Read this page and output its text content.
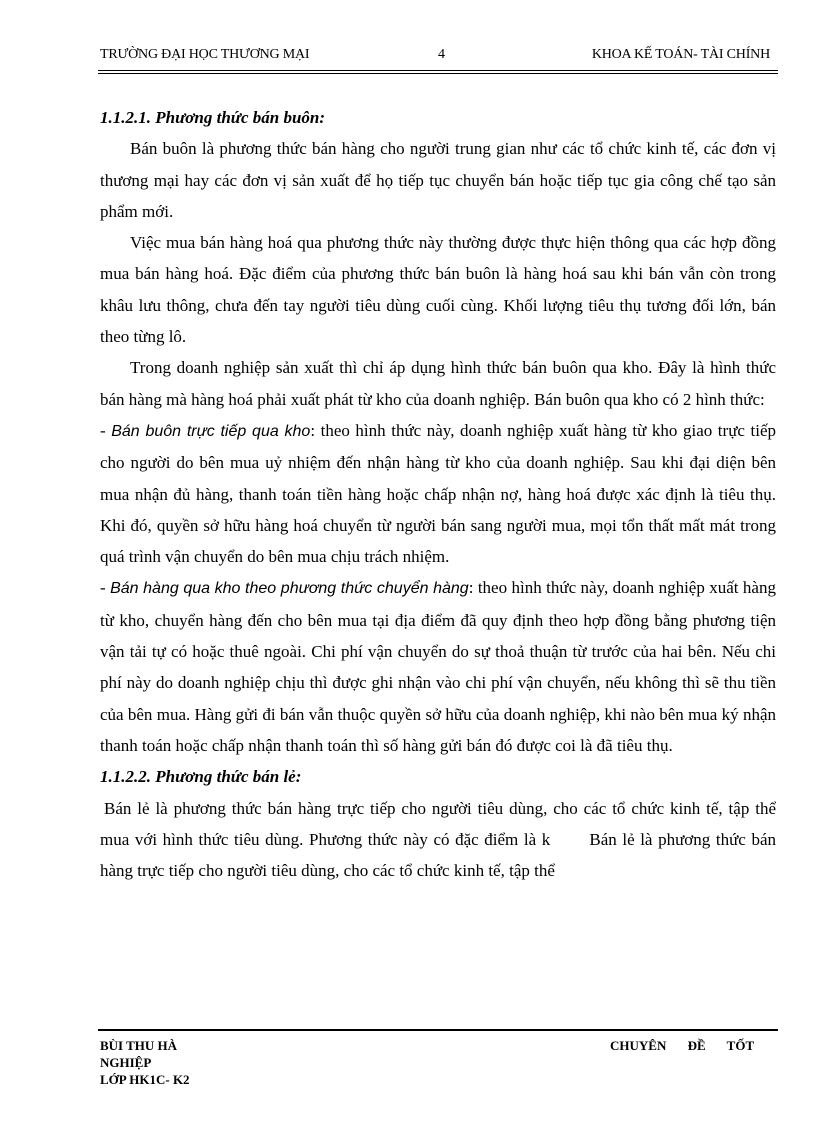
TRƯỜNG ĐẠI HỌC THƯƠNG MẠI	4	KHOA KẾ TOÁN- TÀI CHÍNH

1.1.2.1. Phương thức bán buôn:

Bán buôn là phương thức bán hàng cho người trung gian như các tổ chức kinh tế, các đơn vị thương mại hay các đơn vị sản xuất để họ tiếp tục chuyển bán hoặc tiếp tục gia công chế tạo sản phẩm mới.

Việc mua bán hàng hoá qua phương thức này thường được thực hiện thông qua các hợp đồng mua bán hàng hoá. Đặc điểm của phương thức bán buôn là hàng hoá sau khi bán vẫn còn trong khâu lưu thông, chưa đến tay người tiêu dùng cuối cùng. Khối lượng tiêu thụ tương đối lớn, bán theo từng lô.

Trong doanh nghiệp sản xuất thì chỉ áp dụng hình thức bán buôn qua kho. Đây là hình thức bán hàng mà hàng hoá phải xuất phát từ kho của doanh nghiệp. Bán buôn qua kho có 2 hình thức:

- Bán buôn trực tiếp qua kho: theo hình thức này, doanh nghiệp xuất hàng từ kho giao trực tiếp cho người do bên mua uỷ nhiệm đến nhận hàng từ kho của doanh nghiệp. Sau khi đại diện bên mua nhận đủ hàng, thanh toán tiền hàng hoặc chấp nhận nợ, hàng hoá được xác định là tiêu thụ. Khi đó, quyền sở hữu hàng hoá chuyển từ người bán sang người mua, mọi tổn thất mất mát trong quá trình vận chuyển do bên mua chịu trách nhiệm.

- Bán hàng qua kho theo phương thức chuyển hàng: theo hình thức này, doanh nghiệp xuất hàng từ kho, chuyển hàng đến cho bên mua tại địa điểm đã quy định theo hợp đồng bằng phương tiện vận tải tự có hoặc thuê ngoài. Chi phí vận chuyển do sự thoả thuận từ trước của hai bên. Nếu chi phí này do doanh nghiệp chịu thì được ghi nhận vào chi phí vận chuyển, nếu không thì sẽ thu tiền của bên mua. Hàng gửi đi bán vẫn thuộc quyền sở hữu của doanh nghiệp, khi nào bên mua ký nhận thanh toán hoặc chấp nhận thanh toán thì số hàng gửi bán đó được coi là đã tiêu thụ.

1.1.2.2. Phương thức bán lẻ:

Bán lẻ là phương thức bán hàng trực tiếp cho người tiêu dùng, cho các tổ chức kinh tế, tập thể mua với hình thức tiêu dùng. Phương thức này có đặc điểm là k       Bán lẻ là phương thức bán hàng trực tiếp cho người tiêu dùng, cho các tổ chức kinh tế, tập thể

BÙI THU HÀ
NGHIỆP
LỚP HK1C- K2
CHUYÊN ĐỀ TỐT
